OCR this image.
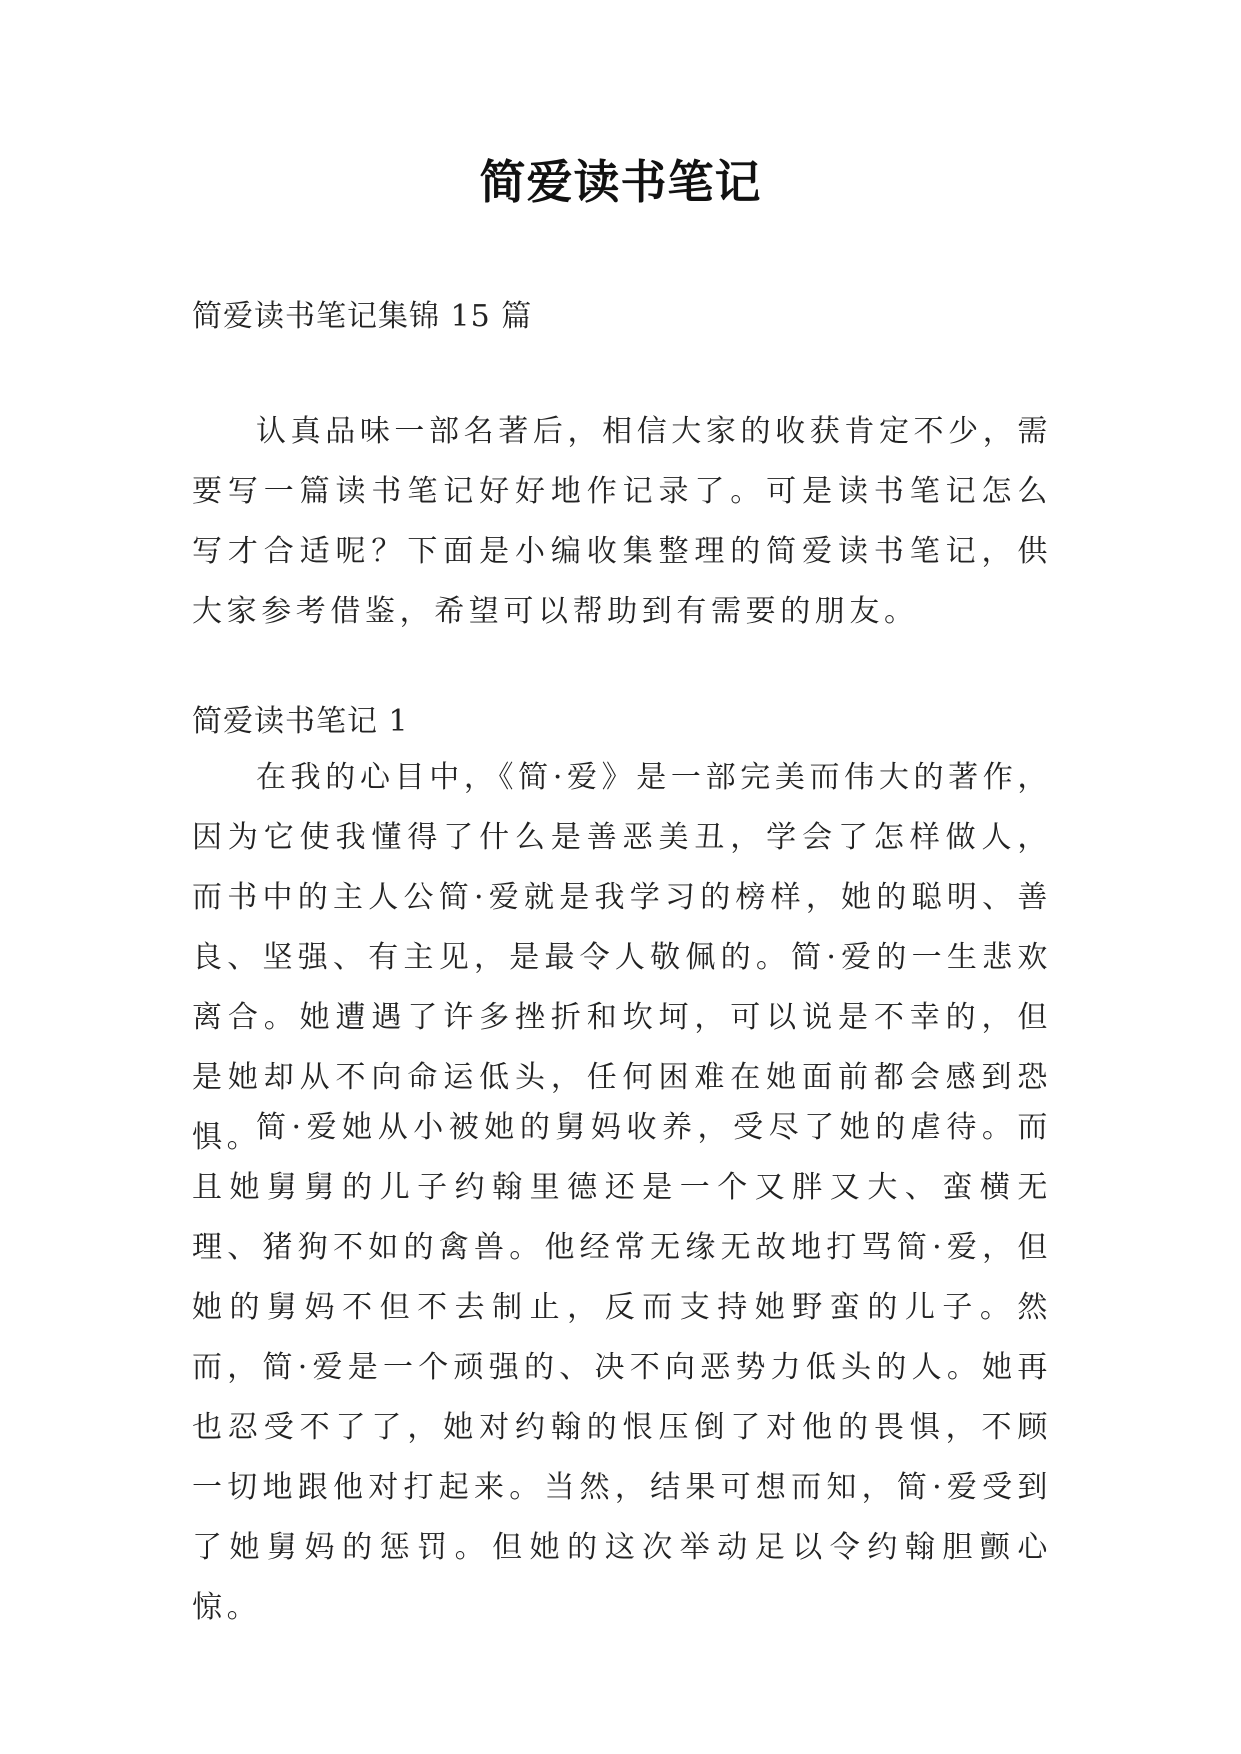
简爱读书笔记
简爱读书笔记集锦 15 篇

认真品味一部名著后，相信大家的收获肯定不少，需要写一篇读书笔记好好地作记录了。可是读书笔记怎么写才合适呢？下面是小编收集整理的简爱读书笔记，供大家参考借鉴，希望可以帮助到有需要的朋友。

简爱读书笔记 1

在我的心目中，《简·爱》是一部完美而伟大的著作，因为它使我懂得了什么是善恶美丑，学会了怎样做人，而书中的主人公简·爱就是我学习的榜样，她的聪明、善良、坚强、有主见，是最令人敬佩的。简·爱的一生悲欢离合。她遭遇了许多挫折和坎坷，可以说是不幸的，但是她却从不向命运低头，任何困难在她面前都会感到恐惧。

简·爱她从小被她的舅妈收养，受尽了她的虐待。而且她舅舅的儿子约翰里德还是一个又胖又大、蛮横无理、猪狗不如的禽兽。他经常无缘无故地打骂简·爱，但她的舅妈不但不去制止，反而支持她野蛮的儿子。然而，简·爱是一个顽强的、决不向恶势力低头的人。她再也忍受不了了，她对约翰的恨压倒了对他的畏惧，不顾一切地跟他对打起来。当然，结果可想而知，简·爱受到了她舅妈的惩罚。但她的这次举动足以令约翰胆颤心惊。
